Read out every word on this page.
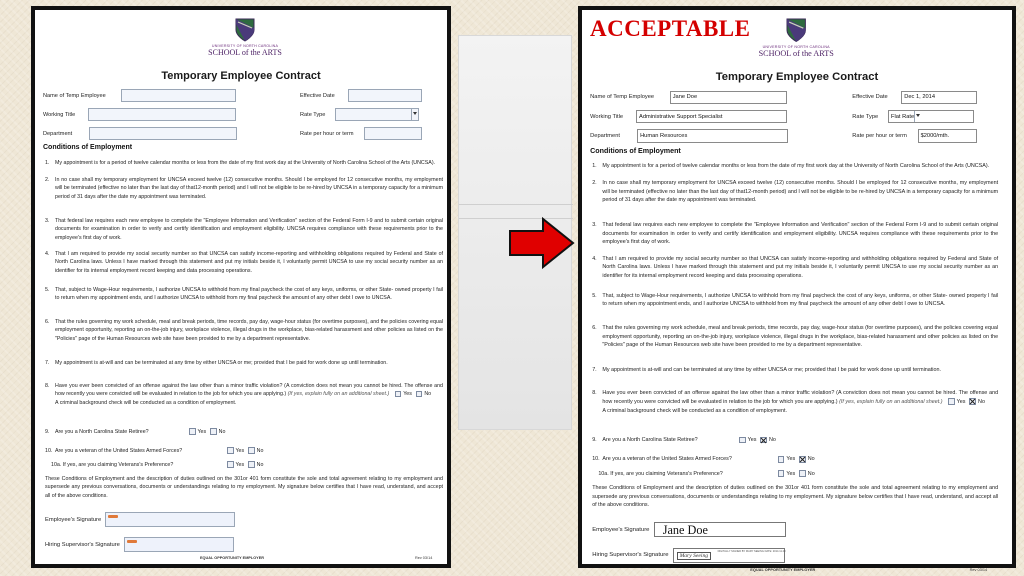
UNIVERSITY OF NORTH CAROLINA
SCHOOL of the ARTS
Temporary Employee Contract
Name of Temp Employee
Working Title
Department
Effective Date
Rate Type
Rate per hour or term
Conditions of Employment
1.	My appointment is for a period of twelve calendar months or less from the date of my first work day at the University of North Carolina School of the Arts (UNCSA).
2.	In no case shall my temporary employment for UNCSA exceed twelve (12) consecutive months. Should I be employed for 12 consecutive months, my employment will be terminated (effective no later than the last day of that12-month period) and I will not be eligible to be re-hired by UNCSA in a temporary capacity for a minimum period of 31 days after the date my appointment was terminated.
3.	That federal law requires each new employee to complete the "Employee Information and Verification" section of the Federal Form I-9 and to submit certain original documents for examination in order to verify and certify identification and employment eligibility. UNCSA requires compliance with these requirements prior to the employee's first day of work.
4.	That I am required to provide my social security number so that UNCSA can satisfy income-reporting and withholding obligations required by Federal and State of North Carolina laws. Unless I have marked through this statement and put my initials beside it, I voluntarily permit UNCSA to use my social security number as an identifier for its internal employment record keeping and data processing operations.
5.	That, subject to Wage-Hour requirements, I authorize UNCSA to withhold from my final paycheck the cost of any keys, uniforms, or other State- owned property I fail to return when my appointment ends, and I authorize UNCSA to withhold from my final paycheck the amount of any other debt I owe to UNCSA.
6.	That the rules governing my work schedule, meal and break periods, time records, pay day, wage-hour status (for overtime purposes), and the policies covering equal employment opportunity, reporting an on-the-job injury, workplace violence, illegal drugs in the workplace, bias-related harassment and other policies as listed on the "Policies" page of the Human Resources web site have been provided to me by a department representative.
7.	My appointment is at-will and can be terminated at any time by either UNCSA or me; provided that I be paid for work done up until termination.
8.	Have you ever been convicted of an offense against the law other than a minor traffic violation? (A conviction does not mean you cannot be hired. The offense and how recently you were convicted will be evaluated in relation to the job for which you are applying.) (If yes, explain fully on an additional sheet.)	Yes No
A criminal background check will be conducted as a condition of employment.
9.	Are you a North Carolina State Retiree?	Yes No
10. Are you a veteran of the United States Armed Forces?	Yes No
10a. If yes, are you claiming Veterans's Preference?	Yes No
These Conditions of Employment and the description of duties outlined on the 301or 401 form constitute the sole and total agreement relating to my employment and supersede any previous conversations, documents or understandings relating to my employment. My signature below certifies that I have read, understand, and accept all of the above conditions.
Employee's Signature
Hiring Supervisor's Signature
EQUAL OPPORTUNITY EMPLOYER	Rev 03/14
ACCEPTABLE
UNIVERSITY OF NORTH CAROLINA
SCHOOL of the ARTS
Temporary Employee Contract
Name of Temp Employee	Jane Doe
Working Title	Administrative Support Specialist
Department	Human Resources
Effective Date	Dec 1, 2014
Rate Type	Flat Rate
Rate per hour or term	$2000/mth.
Conditions of Employment
1.	My appointment is for a period of twelve calendar months or less from the date of my first work day at the University of North Carolina School of the Arts (UNCSA).
2.	In no case shall my temporary employment for UNCSA exceed twelve (12) consecutive months. Should I be employed for 12 consecutive months, my employment will be terminated (effective no later than the last day of that12-month period) and I will not be eligible to be re-hired by UNCSA in a temporary capacity for a minimum period of 31 days after the date my appointment was terminated.
3.	That federal law requires each new employee to complete the "Employee Information and Verification" section of the Federal Form I-9 and to submit certain original documents for examination in order to verify and certify identification and employment eligibility. UNCSA requires compliance with these requirements prior to the employee's first day of work.
4.	That I am required to provide my social security number so that UNCSA can satisfy income-reporting and withholding obligations required by Federal and State of North Carolina laws. Unless I have marked through this statement and put my initials beside it, I voluntarily permit UNCSA to use my social security number as an identifier for its internal employment record keeping and data processing operations.
5.	That, subject to Wage-Hour requirements, I authorize UNCSA to withhold from my final paycheck the cost of any keys, uniforms, or other State- owned property I fail to return when my appointment ends, and I authorize UNCSA to withhold from my final paycheck the amount of any other debt I owe to UNCSA.
6.	That the rules governing my work schedule, meal and break periods, time records, pay day, wage-hour status (for overtime purposes), and the policies covering equal employment opportunity, reporting an on-the-job injury, workplace violence, illegal drugs in the workplace, bias-related harassment and other policies as listed on the "Policies" page of the Human Resources web site have been provided to me by a department representative.
7.	My appointment is at-will and can be terminated at any time by either UNCSA or me; provided that I be paid for work done up until termination.
8.	Have you ever been convicted of an offense against the law other than a minor traffic violation? (A conviction does not mean you cannot be hired. The offense and how recently you were convicted will be evaluated in relation to the job for which you are applying.) (If yes, explain fully on an additional sheet.)	Yes No
A criminal background check will be conducted as a condition of employment.
9.	Are you a North Carolina State Retiree?	Yes No
10. Are you a veteran of the United States Armed Forces?	Yes No
10a. If yes, are you claiming Veterans's Preference?	Yes No
These Conditions of Employment and the description of duties outlined on the 301or 401 form constitute the sole and total agreement relating to my employment and supersede any previous conversations, documents or understandings relating to my employment. My signature below certifies that I have read, understand, and accept all of the above conditions.
Employee's Signature Jane Doe
Hiring Supervisor's Signature	Mary Seeing
DIGITALLY SIGNED BY MARY SEEING DATE: 2014.11.20
EQUAL OPPORTUNITY EMPLOYER	Rev 03/14
